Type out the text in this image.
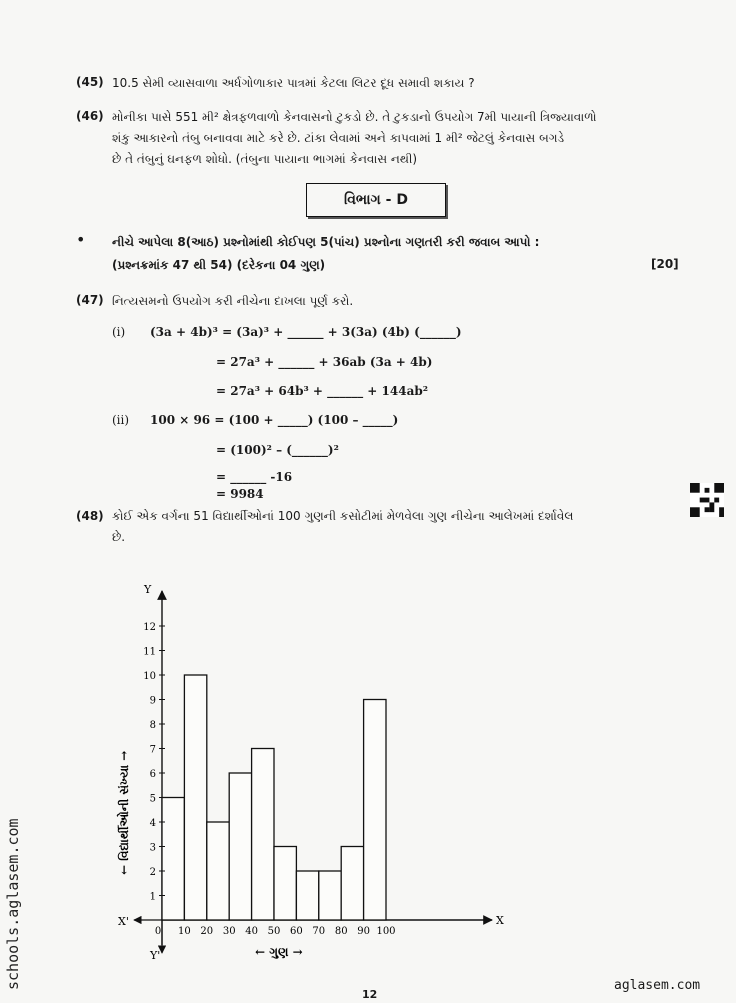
(45) 10.5 સેમી વ્યાસવાળા અર્ધગોળાકાર પાત્રમાં કેટલા લિટર દૂધ સમાવી શકાય ?
(46) મોનીકા પાસે 551 મી² ક્ષેત્રફળવાળો કેનવાસનો ટુકડો છે. તે ટુકડાનો ઉપયોગ 7મી પાયાની ત્રિજ્યાવાળો
શંકુ આકારનો તંબુ બનાવવા માટે કરે છે. ટાંકા લેવામાં અને કાપવામાં 1 મી² જેટલું કેનવાસ બગડે
છે તે તંબુનું ઘનફળ શોધો. (તંબુના પાયાના ભાગમાં કેનવાસ નથી)
વિભાગ - D
• નીચે આપેલા 8(આઠ) પ્રશ્નોમાંથી કોઈપણ 5(પાંચ) પ્રશ્નોના ગણતરી કરી જવાબ આપો :
(પ્રશ્નક્રમાંક 47 થી 54) (દરેકના 04 ગુણ)	[20]
(47) નિત્યસમનો ઉપયોગ કરી નીચેના દાખલા પૂર્ણ કરો.
(i) (3a + 4b)³ = (3a)³ + ______ + 3(3a) (4b) (______)
= 27a³ + ______ + 36ab (3a + 4b)
= 27a³ + 64b³ + ______ + 144ab²
(ii) 100 × 96 = (100 + _____) (100 – _____)
= (100)² – (______)²
= ______ -16
= 9984
(48) કોઈ એક વર્ગના 51 વિદ્યાર્થીઓનાં 100 ગુણની કસોટીમાં મેળવેલા ગુણ નીચેના આલેખમાં દર્શાવેલ
છે.
1
2
3
4
5
6
7
8
9
10
11
12
0 10 20 30 40 50 60 70 80 90 100
X
X'
Y
Y'	← ગુણ →
← વિદ્યાર્થીઓની સંખ્યા →
schools.aglasem.com	aglasem.com
12
